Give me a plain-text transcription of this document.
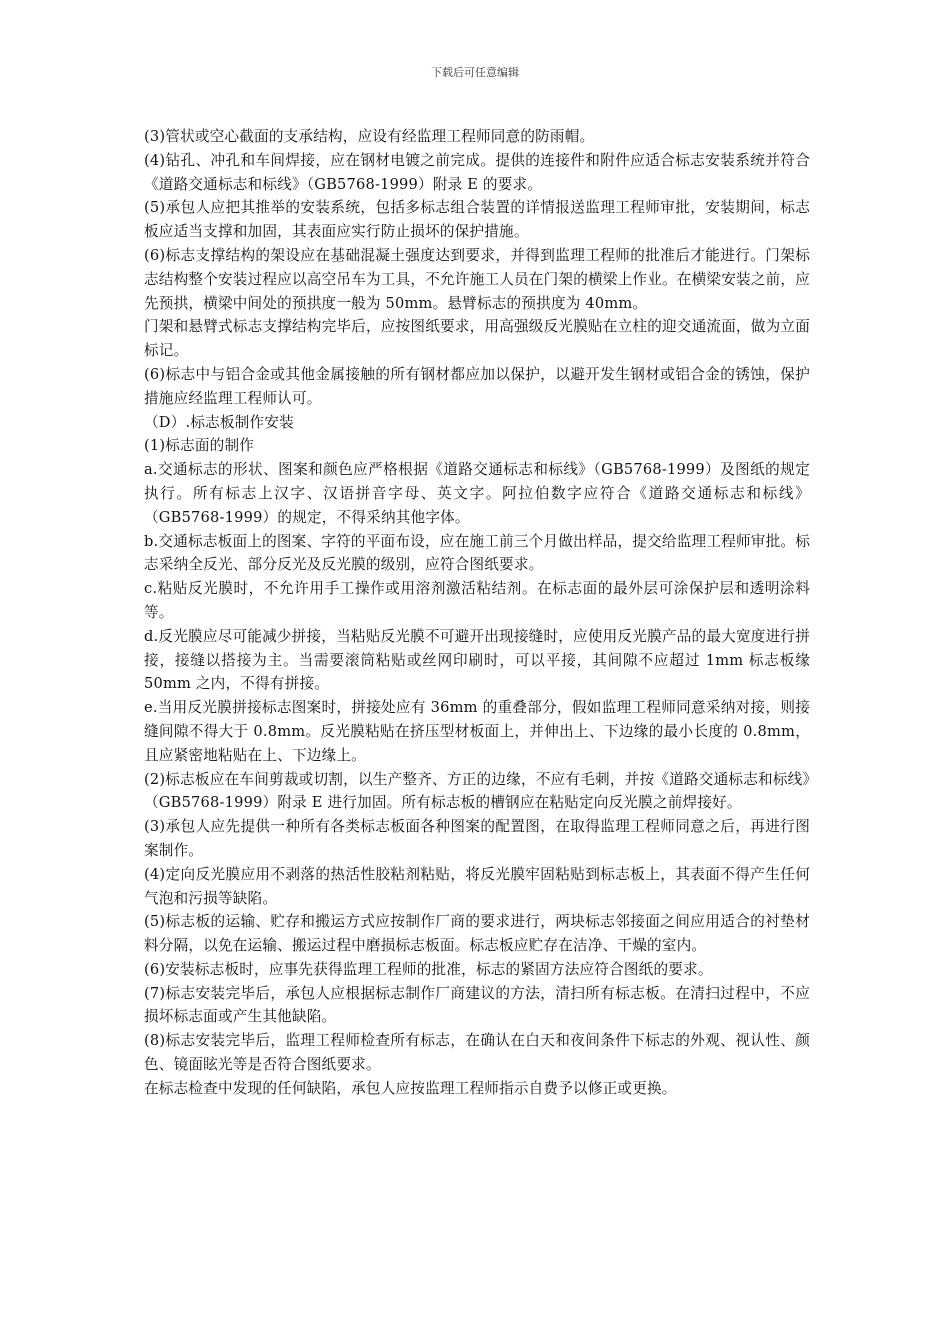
下载后可任意编辑

(3)管状或空心截面的支承结构，应设有经监理工程师同意的防雨帽。

(4)钻孔、冲孔和车间焊接，应在钢材电镀之前完成。提供的连接件和附件应适合标志安装系统并符合《道路交通标志和标线》（GB5768-1999）附录 E 的要求。

(5)承包人应把其推举的安装系统，包括多标志组合装置的详情报送监理工程师审批，安装期间，标志板应适当支撑和加固，其表面应实行防止损坏的保护措施。

(6)标志支撑结构的架设应在基础混凝土强度达到要求，并得到监理工程师的批准后才能进行。门架标志结构整个安装过程应以高空吊车为工具，不允许施工人员在门架的横梁上作业。在横梁安装之前，应先预拱，横梁中间处的预拱度一般为 50mm。悬臂标志的预拱度为 40mm。

门架和悬臂式标志支撑结构完毕后，应按图纸要求，用高强级反光膜贴在立柱的迎交通流面，做为立面标记。

(6)标志中与铝合金或其他金属接触的所有钢材都应加以保护，以避开发生钢材或铝合金的锈蚀，保护措施应经监理工程师认可。

（D）.标志板制作安装

(1)标志面的制作

a.交通标志的形状、图案和颜色应严格根据《道路交通标志和标线》（GB5768-1999）及图纸的规定执行。所有标志上汉字、汉语拼音字母、英文字。阿拉伯数字应符合《道路交通标志和标线》（GB5768-1999）的规定，不得采纳其他字体。

b.交通标志板面上的图案、字符的平面布设，应在施工前三个月做出样品，提交给监理工程师审批。标志采纳全反光、部分反光及反光膜的级别，应符合图纸要求。

c.粘贴反光膜时，不允许用手工操作或用溶剂激活粘结剂。在标志面的最外层可涂保护层和透明涂料等。

d.反光膜应尽可能减少拼接，当粘贴反光膜不可避开出现接缝时，应使用反光膜产品的最大宽度进行拼接，接缝以搭接为主。当需要滚筒粘贴或丝网印刷时，可以平接，其间隙不应超过 1mm 标志板缘 50mm 之内，不得有拼接。

e.当用反光膜拼接标志图案时，拼接处应有 36mm 的重叠部分，假如监理工程师同意采纳对接，则接缝间隙不得大于 0.8mm。反光膜粘贴在挤压型材板面上，并伸出上、下边缘的最小长度的 0.8mm，且应紧密地粘贴在上、下边缘上。

(2)标志板应在车间剪裁或切割，以生产整齐、方正的边缘，不应有毛刺，并按《道路交通标志和标线》（GB5768-1999）附录 E 进行加固。所有标志板的槽钢应在粘贴定向反光膜之前焊接好。

(3)承包人应先提供一种所有各类标志板面各种图案的配置图，在取得监理工程师同意之后，再进行图案制作。

(4)定向反光膜应用不剥落的热活性胶粘剂粘贴，将反光膜牢固粘贴到标志板上，其表面不得产生任何气泡和污损等缺陷。

(5)标志板的运输、贮存和搬运方式应按制作厂商的要求进行，两块标志邻接面之间应用适合的衬垫材料分隔，以免在运输、搬运过程中磨损标志板面。标志板应贮存在洁净、干燥的室内。

(6)安装标志板时，应事先获得监理工程师的批准，标志的紧固方法应符合图纸的要求。

(7)标志安装完毕后，承包人应根据标志制作厂商建议的方法，清扫所有标志板。在清扫过程中，不应损坏标志面或产生其他缺陷。

(8)标志安装完毕后，监理工程师检查所有标志，在确认在白天和夜间条件下标志的外观、视认性、颜色、镜面眩光等是否符合图纸要求。

在标志检查中发现的任何缺陷，承包人应按监理工程师指示自费予以修正或更换。
